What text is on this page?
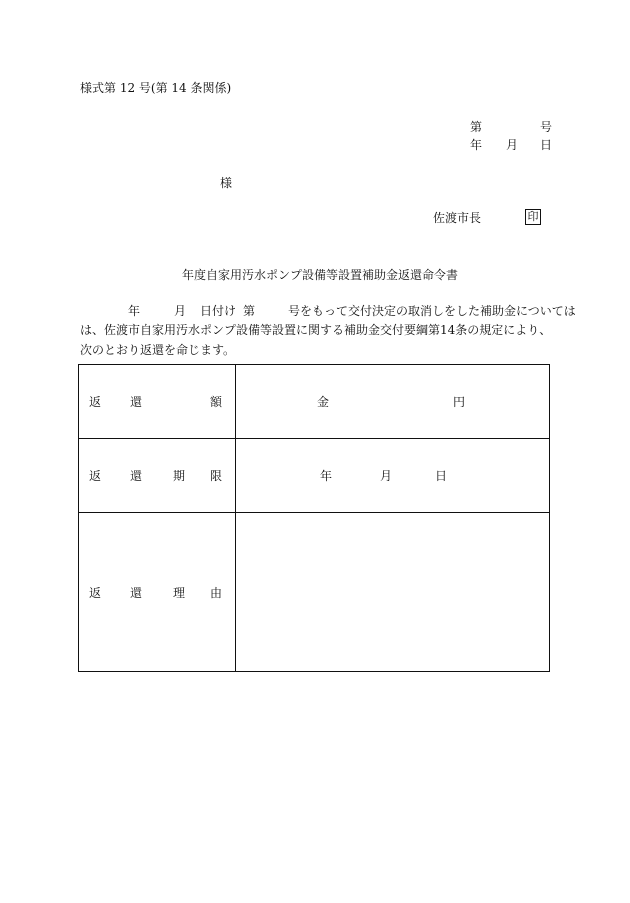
様式第 12 号(第 14 条関係)
第	号
年 月 日
様
佐渡市長	印
年度自家用汚水ポンプ設備等設置補助金返還命令書
年	月 日付け 第	号をもって交付決定の取消しをした補助金については
は、佐渡市自家用汚水ポンプ設備等設置に関する補助金交付要綱第14条の規定により、
次のとおり返還を命じます。
返 還	額	金	円
返 還	期 限	年	月	日
返 還	理 由
